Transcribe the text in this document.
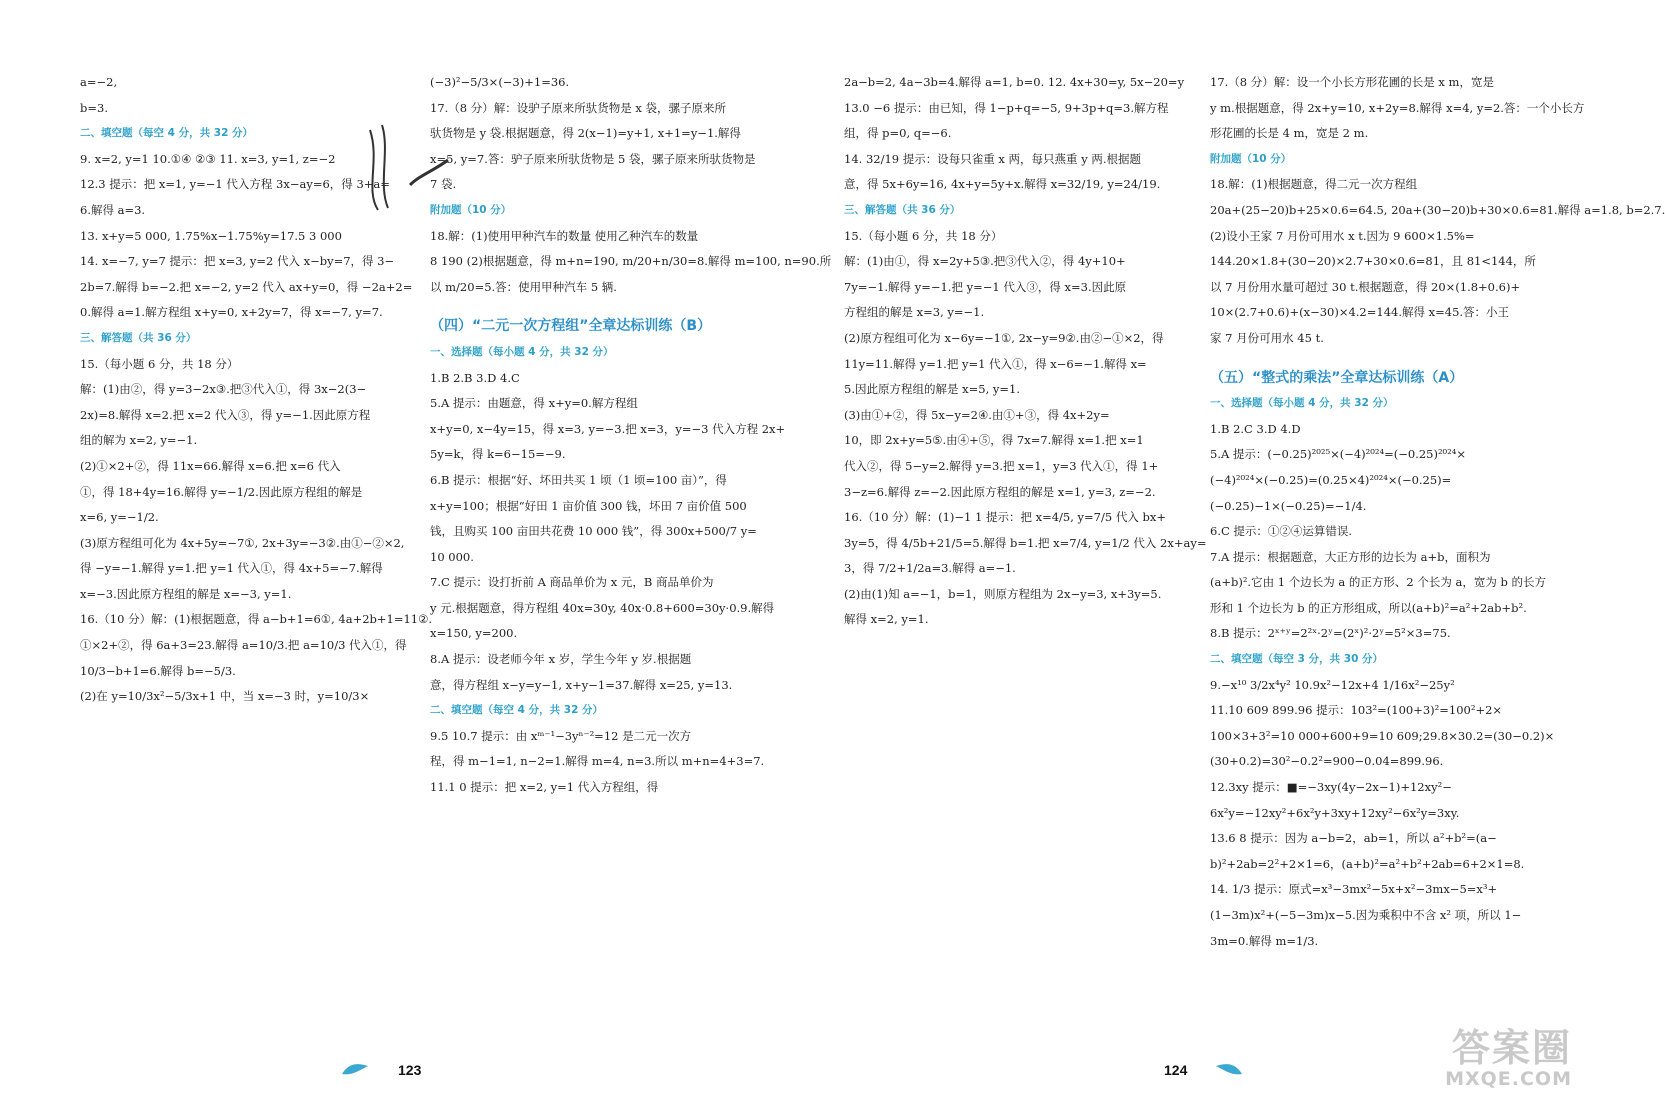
a=−2,
b=3.
二、填空题（每空 4 分，共 32 分）
9. x=2, y=1 10.①④ ②③ 11. x=3, y=1, z=−2
12.3 提示：把 x=1, y=−1 代入方程 3x−ay=6，得 3+a=
6.解得 a=3.
13. x+y=5 000, 1.75%x−1.75%y=17.5 3 000
14. x=−7, y=7 提示：把 x=3, y=2 代入 x−by=7，得 3−
2b=7.解得 b=−2.把 x=−2, y=2 代入 ax+y=0，得 −2a+2=
0.解得 a=1.解方程组 x+y=0, x+2y=7，得 x=−7, y=7.
三、解答题（共 36 分）
15.（每小题 6 分，共 18 分）
解：(1)由②，得 y=3−2x③.把③代入①，得 3x−2(3−
2x)=8.解得 x=2.把 x=2 代入③，得 y=−1.因此原方程
组的解为 x=2, y=−1.
(2)①×2+②，得 11x=66.解得 x=6.把 x=6 代入
①，得 18+4y=16.解得 y=−1/2.因此原方程组的解是
x=6, y=−1/2.
(3)原方程组可化为 4x+5y=−7①, 2x+3y=−3②.由①−②×2,
得 −y=−1.解得 y=1.把 y=1 代入①，得 4x+5=−7.解得
x=−3.因此原方程组的解是 x=−3, y=1.
16.（10 分）解：(1)根据题意，得 a−b+1=6①, 4a+2b+1=11②.
①×2+②，得 6a+3=23.解得 a=10/3.把 a=10/3 代入①，得
10/3−b+1=6.解得 b=−5/3.
(2)在 y=10/3x²−5/3x+1 中，当 x=−3 时，y=10/3×
(−3)²−5/3×(−3)+1=36.
17.（8 分）解：设驴子原来所驮货物是 x 袋，骡子原来所
驮货物是 y 袋.根据题意，得 2(x−1)=y+1, x+1=y−1.解得
x=5, y=7.答：驴子原来所驮货物是 5 袋，骡子原来所驮货物是
7 袋.
附加题（10 分）
18.解：(1)使用甲种汽车的数量 使用乙种汽车的数量
8 190 (2)根据题意，得 m+n=190, m/20+n/30=8.解得 m=100, n=90.所
以 m/20=5.答：使用甲种汽车 5 辆.
（四）“二元一次方程组”全章达标训练（B）
一、选择题（每小题 4 分，共 32 分）
1.B 2.B 3.D 4.C
5.A 提示：由题意，得 x+y=0.解方程组
x+y=0, x−4y=15，得 x=3, y=−3.把 x=3，y=−3 代入方程 2x+
5y=k，得 k=6−15=−9.
6.B 提示：根据“好、坏田共买 1 顷（1 顷=100 亩）”，得
x+y=100；根据“好田 1 亩价值 300 钱，坏田 7 亩价值 500
钱，且购买 100 亩田共花费 10 000 钱”，得 300x+500/7 y=
10 000.
7.C 提示：设打折前 A 商品单价为 x 元，B 商品单价为
y 元.根据题意，得方程组 40x=30y, 40x·0.8+600=30y·0.9.解得
x=150, y=200.
8.A 提示：设老师今年 x 岁，学生今年 y 岁.根据题
意，得方程组 x−y=y−1, x+y−1=37.解得 x=25, y=13.
二、填空题（每空 4 分，共 32 分）
9.5 10.7 提示：由 xᵐ⁻¹−3yⁿ⁻²=12 是二元一次方
程，得 m−1=1, n−2=1.解得 m=4, n=3.所以 m+n=4+3=7.
11.1 0 提示：把 x=2, y=1 代入方程组，得
123
2a−b=2, 4a−3b=4.解得 a=1, b=0. 12. 4x+30=y, 5x−20=y
13.0 −6 提示：由已知，得 1−p+q=−5, 9+3p+q=3.解方程
组，得 p=0, q=−6.
14. 32/19 提示：设每只雀重 x 两，每只燕重 y 两.根据题
意，得 5x+6y=16, 4x+y=5y+x.解得 x=32/19, y=24/19.
三、解答题（共 36 分）
15.（每小题 6 分，共 18 分）
解：(1)由①，得 x=2y+5③.把③代入②，得 4y+10+
7y=−1.解得 y=−1.把 y=−1 代入③，得 x=3.因此原
方程组的解是 x=3, y=−1.
(2)原方程组可化为 x−6y=−1①, 2x−y=9②.由②−①×2，得
11y=11.解得 y=1.把 y=1 代入①，得 x−6=−1.解得 x=
5.因此原方程组的解是 x=5, y=1.
(3)由①+②，得 5x−y=2④.由①+③，得 4x+2y=
10，即 2x+y=5⑤.由④+⑤，得 7x=7.解得 x=1.把 x=1
代入②，得 5−y=2.解得 y=3.把 x=1，y=3 代入①，得 1+
3−z=6.解得 z=−2.因此原方程组的解是 x=1, y=3, z=−2.
16.（10 分）解：(1)−1 1 提示：把 x=4/5, y=7/5 代入 bx+
3y=5，得 4/5b+21/5=5.解得 b=1.把 x=7/4, y=1/2 代入 2x+ay=
3，得 7/2+1/2a=3.解得 a=−1.
(2)由(1)知 a=−1，b=1，则原方程组为 2x−y=3, x+3y=5.
解得 x=2, y=1.
17.（8 分）解：设一个小长方形花圃的长是 x m，宽是
y m.根据题意，得 2x+y=10, x+2y=8.解得 x=4, y=2.答：一个小长方
形花圃的长是 4 m，宽是 2 m.
附加题（10 分）
18.解：(1)根据题意，得二元一次方程组
20a+(25−20)b+25×0.6=64.5, 20a+(30−20)b+30×0.6=81.解得 a=1.8, b=2.7.
(2)设小王家 7 月份可用水 x t.因为 9 600×1.5%=
144.20×1.8+(30−20)×2.7+30×0.6=81，且 81<144，所
以 7 月份用水量可超过 30 t.根据题意，得 20×(1.8+0.6)+
10×(2.7+0.6)+(x−30)×4.2=144.解得 x=45.答：小王
家 7 月份可用水 45 t.
（五）“整式的乘法”全章达标训练（A）
一、选择题（每小题 4 分，共 32 分）
1.B 2.C 3.D 4.D
5.A 提示：(−0.25)²⁰²⁵×(−4)²⁰²⁴=(−0.25)²⁰²⁴×
(−4)²⁰²⁴×(−0.25)=(0.25×4)²⁰²⁴×(−0.25)=
(−0.25)−1×(−0.25)=−1/4.
6.C 提示：①②④运算错误.
7.A 提示：根据题意，大正方形的边长为 a+b，面积为
(a+b)².它由 1 个边长为 a 的正方形、2 个长为 a，宽为 b 的长方
形和 1 个边长为 b 的正方形组成，所以(a+b)²=a²+2ab+b².
8.B 提示：2ˣ⁺ʸ=2²ˣ·2ʸ=(2ˣ)²·2ʸ=5²×3=75.
二、填空题（每空 3 分，共 30 分）
9.−x¹⁰ 3/2x⁴y² 10.9x²−12x+4 1/16x²−25y²
11.10 609 899.96 提示：103²=(100+3)²=100²+2×
100×3+3²=10 000+600+9=10 609;29.8×30.2=(30−0.2)×
(30+0.2)=30²−0.2²=900−0.04=899.96.
12.3xy 提示：■=−3xy(4y−2x−1)+12xy²−
6x²y=−12xy²+6x²y+3xy+12xy²−6x²y=3xy.
13.6 8 提示：因为 a−b=2，ab=1，所以 a²+b²=(a−
b)²+2ab=2²+2×1=6，(a+b)²=a²+b²+2ab=6+2×1=8.
14. 1/3 提示：原式=x³−3mx²−5x+x²−3mx−5=x³+
(1−3m)x²+(−5−3m)x−5.因为乘积中不含 x² 项，所以 1−
3m=0.解得 m=1/3.
124	答案圈
MXQE.COM
